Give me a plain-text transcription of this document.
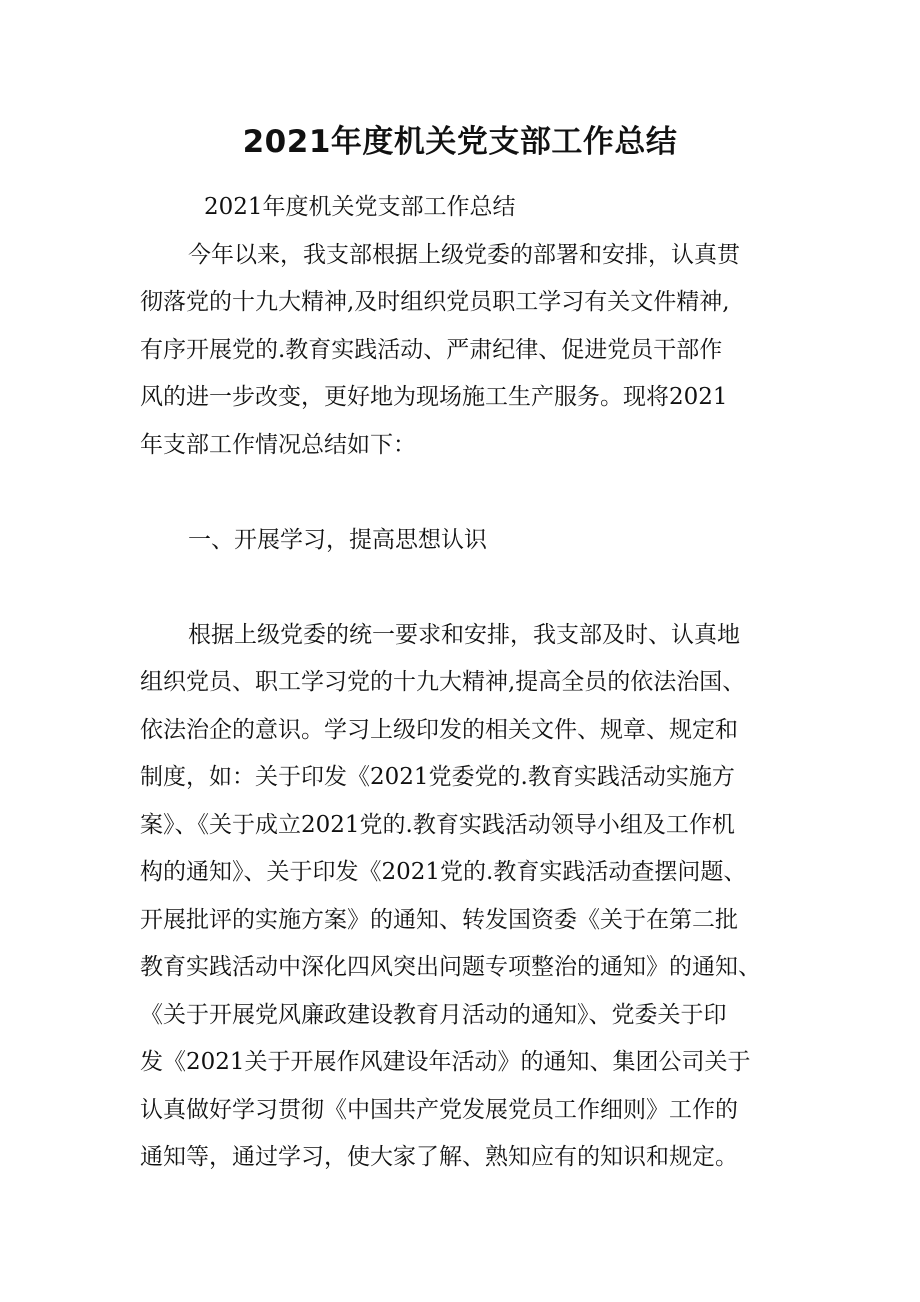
2021年度机关党支部工作总结
2021年度机关党支部工作总结
今年以来，我支部根据上级党委的部署和安排，认真贯
彻落党的十九大精神,及时组织党员职工学习有关文件精神,
有序开展党的.教育实践活动、严肃纪律、促进党员干部作
风的进一步改变，更好地为现场施工生产服务。现将2021
年支部工作情况总结如下：
一、开展学习，提高思想认识
根据上级党委的统一要求和安排，我支部及时、认真地
组织党员、职工学习党的十九大精神,提高全员的依法治国、
依法治企的意识。学习上级印发的相关文件、规章、规定和
制度，如：关于印发《2021党委党的.教育实践活动实施方
案》、《关于成立2021党的.教育实践活动领导小组及工作机
构的通知》、关于印发《2021党的.教育实践活动查摆问题、
开展批评的实施方案》的通知、转发国资委《关于在第二批
教育实践活动中深化四风突出问题专项整治的通知》的通知、
《关于开展党风廉政建设教育月活动的通知》、党委关于印
发《2021关于开展作风建设年活动》的通知、集团公司关于
认真做好学习贯彻《中国共产党发展党员工作细则》工作的
通知等，通过学习，使大家了解、熟知应有的知识和规定。
